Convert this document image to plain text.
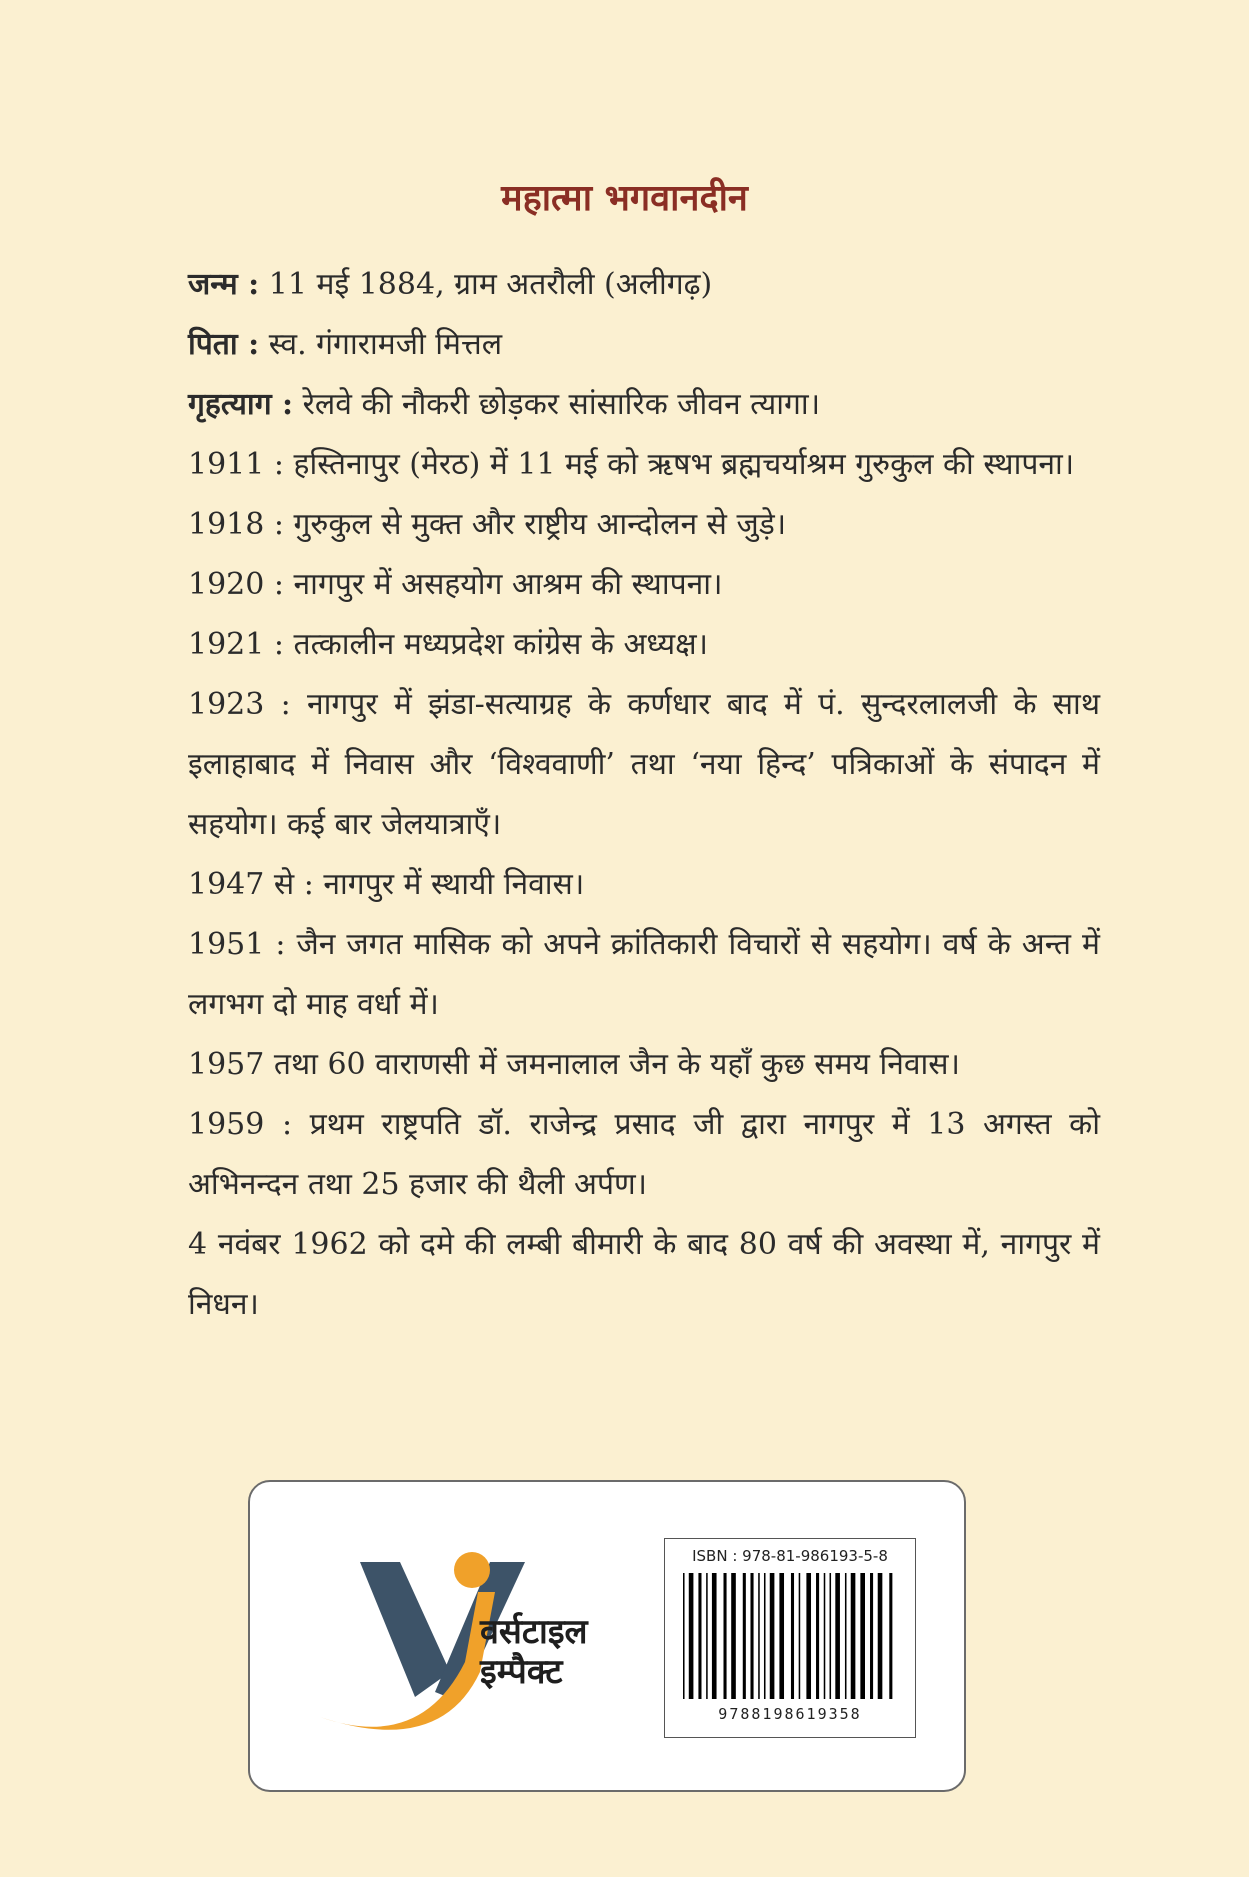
महात्मा भगवानदीन

जन्म : 11 मई 1884, ग्राम अतरौली (अलीगढ़)

पिता : स्व. गंगारामजी मित्तल

गृहत्याग : रेलवे की नौकरी छोड़कर सांसारिक जीवन त्यागा।

1911 : हस्तिनापुर (मेरठ) में 11 मई को ऋषभ ब्रह्मचर्याश्रम गुरुकुल की स्थापना।

1918 : गुरुकुल से मुक्त और राष्ट्रीय आन्दोलन से जुड़े।

1920 : नागपुर में असहयोग आश्रम की स्थापना।

1921 : तत्कालीन मध्यप्रदेश कांग्रेस के अध्यक्ष।

1923 : नागपुर में झंडा-सत्याग्रह के कर्णधार बाद में पं. सुन्दरलालजी के साथ इलाहाबाद में निवास और ‘विश्ववाणी’ तथा ‘नया हिन्द’ पत्रिकाओं के संपादन में सहयोग। कई बार जेलयात्राएँ।

1947 से : नागपुर में स्थायी निवास।

1951 : जैन जगत मासिक को अपने क्रांतिकारी विचारों से सहयोग। वर्ष के अन्त में लगभग दो माह वर्धा में।

1957 तथा 60 वाराणसी में जमनालाल जैन के यहाँ कुछ समय निवास।

1959 : प्रथम राष्ट्रपति डॉ. राजेन्द्र प्रसाद जी द्वारा नागपुर में 13 अगस्त को अभिनन्दन तथा 25 हजार की थैली अर्पण।

4 नवंबर 1962 को दमे की लम्बी बीमारी के बाद 80 वर्ष की अवस्था में, नागपुर में निधन।

वर्सटाइल
इम्पैक्ट
ISBN : 978-81-986193-5-8
9788198619358
